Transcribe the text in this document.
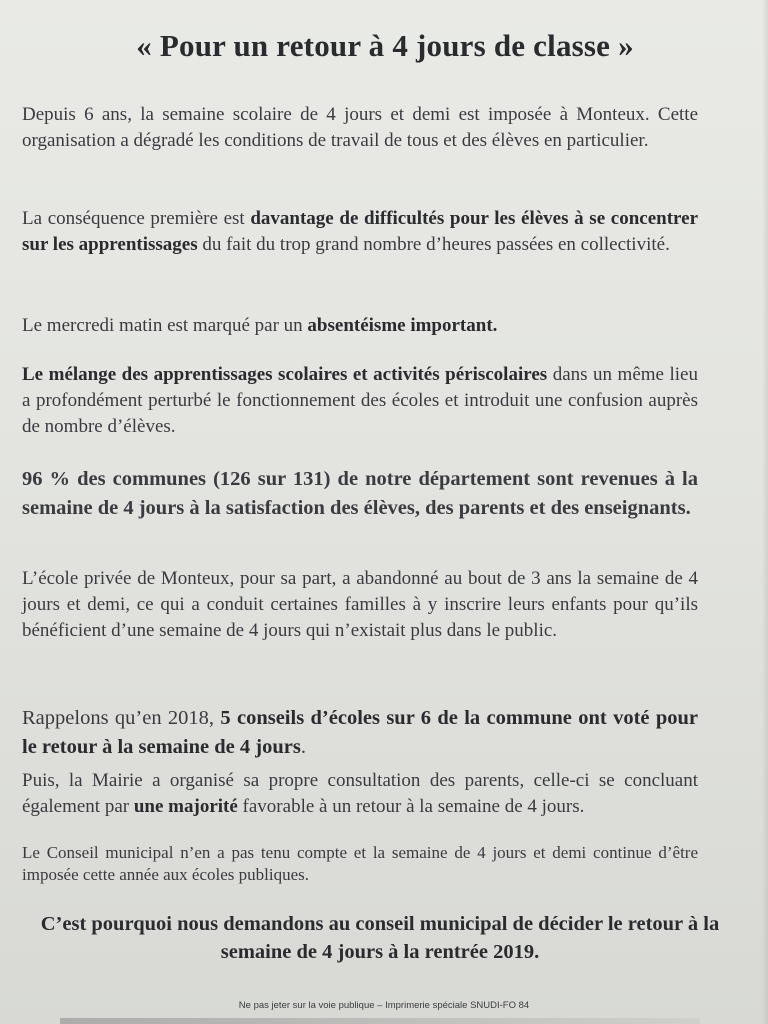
« Pour un retour à 4 jours de classe »
Depuis 6 ans, la semaine scolaire de 4 jours et demi est imposée à Monteux. Cette organisation a dégradé les conditions de travail de tous et des élèves en particulier.
La conséquence première est davantage de difficultés pour les élèves à se concentrer sur les apprentissages du fait du trop grand nombre d’heures passées en collectivité.
Le mercredi matin est marqué par un absentéisme important.
Le mélange des apprentissages scolaires et activités périscolaires dans un même lieu a profondément perturbé le fonctionnement des écoles et introduit une confusion auprès de nombre d’élèves.
96 % des communes (126 sur 131) de notre département sont revenues à la semaine de 4 jours à la satisfaction des élèves, des parents et des enseignants.
L’école privée de Monteux, pour sa part, a abandonné au bout de 3 ans la semaine de 4 jours et demi, ce qui a conduit certaines familles à y inscrire leurs enfants pour qu’ils bénéficient d’une semaine de 4 jours qui n’existait plus dans le public.
Rappelons qu’en 2018, 5 conseils d’écoles sur 6 de la commune ont voté pour le retour à la semaine de 4 jours.
Puis, la Mairie a organisé sa propre consultation des parents, celle-ci se concluant également par une majorité favorable à un retour à la semaine de 4 jours.
Le Conseil municipal n’en a pas tenu compte et la semaine de 4 jours et demi continue d’être imposée cette année aux écoles publiques.
C’est pourquoi nous demandons au conseil municipal de décider le retour à la semaine de 4 jours à la rentrée 2019.
Ne pas jeter sur la voie publique – Imprimerie spéciale SNUDI-FO 84
